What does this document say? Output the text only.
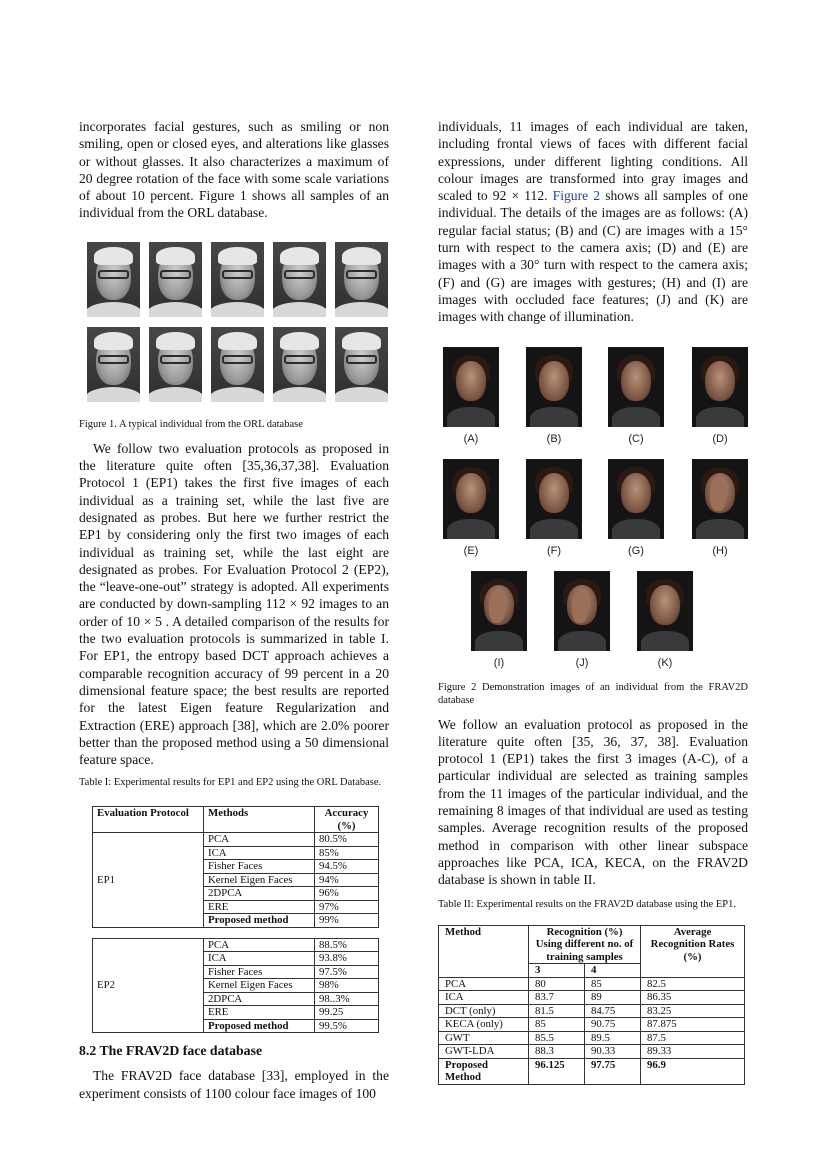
incorporates facial gestures, such as smiling or non smiling, open or closed eyes, and alterations like glasses or without glasses. It also characterizes a maximum of 20 degree rotation of the face with some scale variations of about 10 percent. Figure 1 shows all samples of an individual from the ORL database.

Figure 1. A typical individual from the ORL database

We follow two evaluation protocols as proposed in the literature quite often [35,36,37,38]. Evaluation Protocol 1 (EP1) takes the first five images of each individual as a training set, while the last five are designated as probes. But here we further restrict the EP1 by considering only the first two images of each individual as training set, while the last eight are designated as probes. For Evaluation Protocol 2 (EP2), the “leave-one-out” strategy is adopted. All experiments are conducted by down-sampling 112 × 92 images to an order of 10 × 5 . A detailed comparison of the results for the two evaluation protocols is summarized in table I. For EP1, the entropy based DCT approach achieves a comparable recognition accuracy of 99 percent in a 20 dimensional feature space; the best results are reported for the latest Eigen feature Regularization and Extraction (ERE) approach [38], which are 2.0% poorer better than the proposed method using a 50 dimensional feature space.

Table I: Experimental results for EP1 and EP2 using the ORL Database.

Evaluation Protocol	Methods	Accuracy (%)
EP1	PCA	80.5%
	ICA	85%
	Fisher Faces	94.5%
	Kernel Eigen Faces	94%
	2DPCA	96%
	ERE	97%
	Proposed method	99%
EP2	PCA	88.5%
	ICA	93.8%
	Fisher Faces	97.5%
	Kernel Eigen Faces	98%
	2DPCA	98..3%
	ERE	99.25
	Proposed method	99.5%
8.2 The FRAV2D face database

The FRAV2D face database [33], employed in the experiment consists of 1100 colour face images of 100

individuals, 11 images of each individual are taken, including frontal views of faces with different facial expressions, under different lighting conditions. All colour images are transformed into gray images and scaled to 92 × 112. Figure 2 shows all samples of one individual. The details of the images are as follows: (A) regular facial status; (B) and (C) are images with a 15° turn with respect to the camera axis; (D) and (E) are images with a 30° turn with respect to the camera axis; (F) and (G) are images with gestures; (H) and (I) are images with occluded face features; (J) and (K) are images with change of illumination.

(A)	(B)	(C)	(D)
(E)	(F)	(G)	(H)
(I)	(J)	(K)

Figure 2 Demonstration images of an individual from the FRAV2D database

We follow an evaluation protocol as proposed in the literature quite often [35, 36, 37, 38]. Evaluation protocol 1 (EP1) takes the first 3 images (A-C), of a particular individual are selected as training samples from the 11 images of the particular individual, and the remaining 8 images of that individual are used as testing samples. Average recognition results of the proposed method in comparison with other linear subspace approaches like PCA, ICA, KECA, on the FRAV2D database is shown in table II.

Table II: Experimental results on the FRAV2D database using the EP1.

Method	Recognition (%) Using different no. of training samples		Average Recognition Rates (%)
	3	4	
PCA	80	85	82.5
ICA	83.7	89	86.35
DCT (only)	81.5	84.75	83.25
KECA (only)	85	90.75	87.875
GWT	85.5	89.5	87.5
GWT-LDA	88.3	90.33	89.33
Proposed Method	96.125	97.75	96.9
